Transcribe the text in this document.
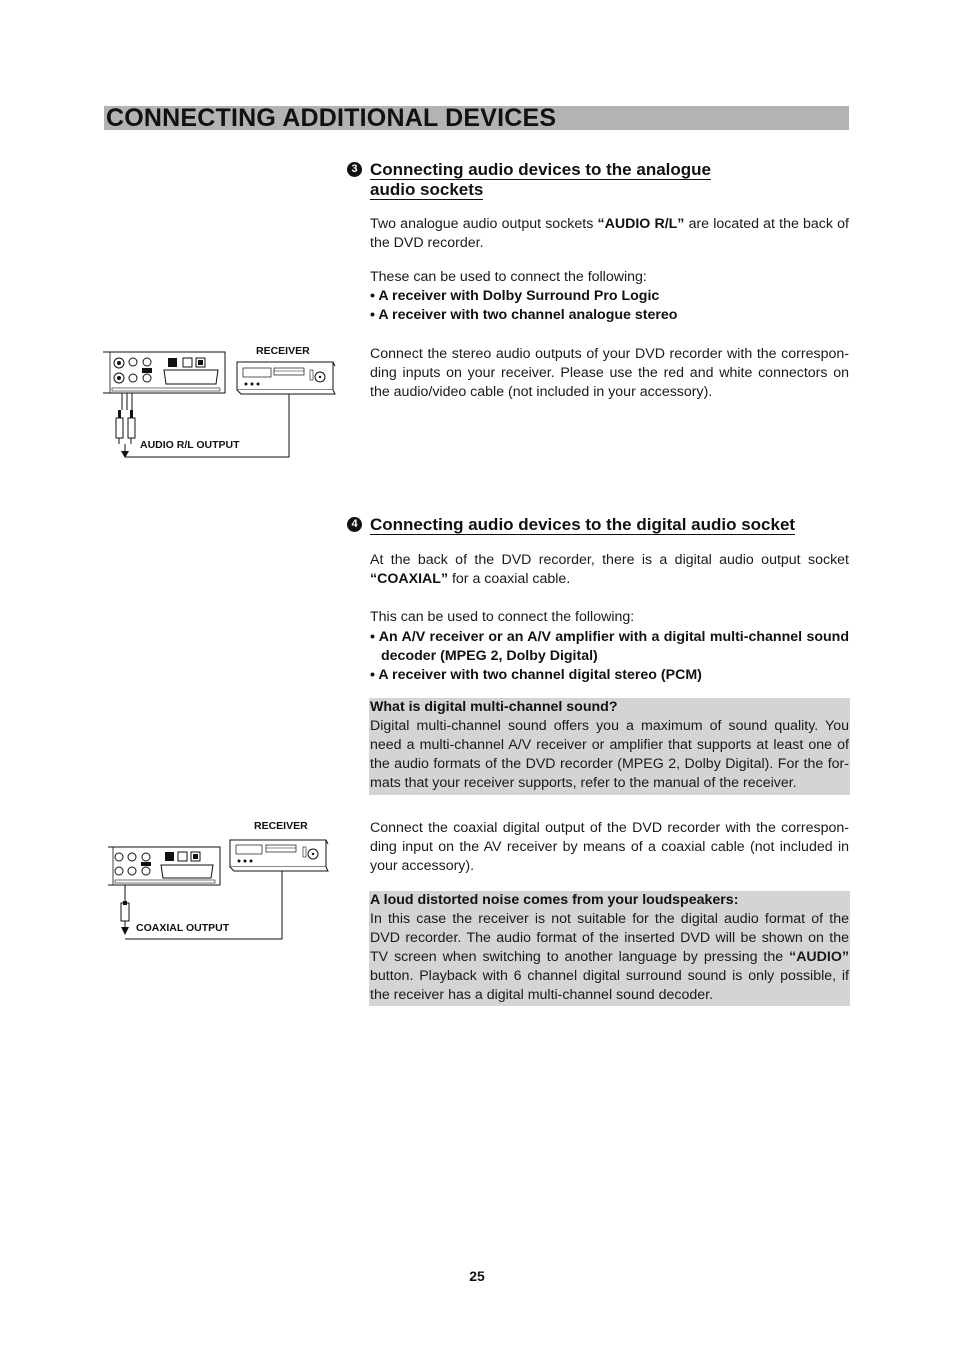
CONNECTING ADDITIONAL DEVICES
3 Connecting audio devices to the analogue
audio sockets

Two analogue audio output sockets “AUDIO R/L” are located at the back of the DVD recorder.

These can be used to connect the following:

• A receiver with Dolby Surround Pro Logic
• A receiver with two channel analogue stereo

Connect the stereo audio outputs of your DVD recorder with the correspon-ding inputs on your receiver. Please use the red and white connectors on the audio/video cable (not included in your accessory).

RECEIVER
AUDIO R/L OUTPUT
4 Connecting audio devices to the digital audio socket

At the back of the DVD recorder, there is a digital audio output socket “COAXIAL” for a coaxial cable.

This can be used to connect the following:

• An A/V receiver or an A/V amplifier with a digital multi-channel sound decoder (MPEG 2, Dolby Digital)
• A receiver with two channel digital stereo (PCM)
What is digital multi-channel sound?
Digital multi-channel sound offers you a maximum of sound quality. You need a multi-channel A/V receiver or amplifier that supports at least one of the audio formats of the DVD recorder (MPEG 2, Dolby Digital). For the for-mats that your receiver supports, refer to the manual of the receiver.

Connect the coaxial digital output of the DVD recorder with the correspon-ding input on the AV receiver by means of a coaxial cable (not included in your accessory).

A loud distorted noise comes from your loudspeakers:
In this case the receiver is not suitable for the digital audio format of the DVD recorder. The audio format of the inserted DVD will be shown on the TV screen when switching to another language by pressing the “AUDIO” button. Playback with 6 channel digital surround sound is only possible, if the receiver has a digital multi-channel sound decoder.
RECEIVER
COAXIAL OUTPUT
25
